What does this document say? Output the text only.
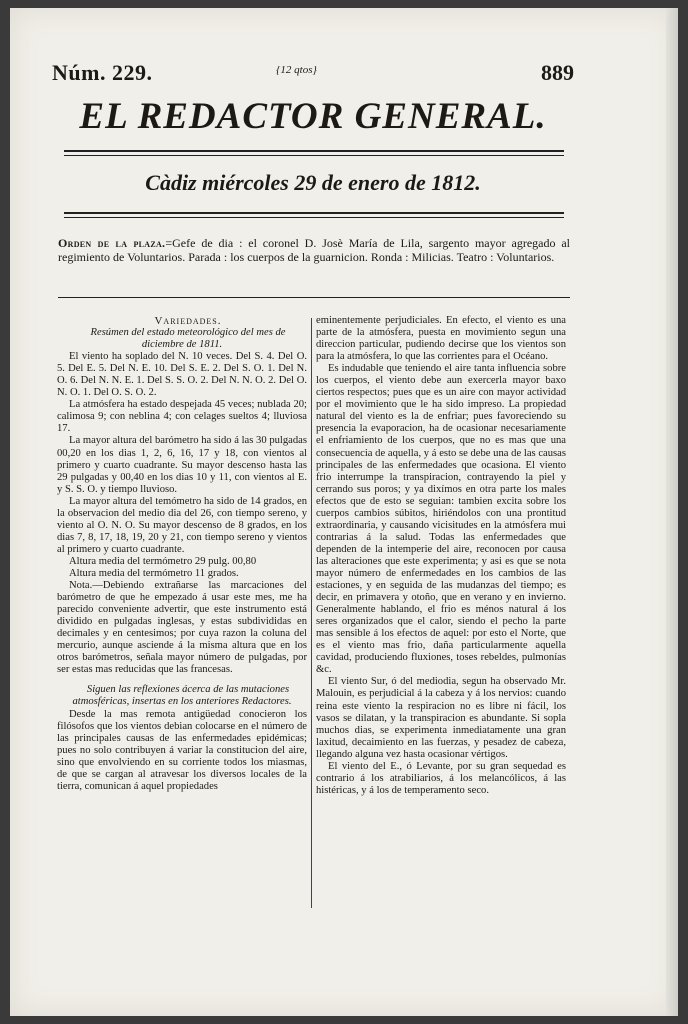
Núm. 229.	{12 qtos}	889
EL REDACTOR GENERAL.
Càdiz miércoles 29 de enero de 1812.
Orden de la plaza.=Gefe de dia : el coronel D. Josè María de Lila, sargento mayor agregado al regimiento de Voluntarios. Parada : los cuerpos de la guarnicion. Ronda : Milicias. Teatro : Voluntarios.

Variedades.

Resúmen del estado meteorológico del mes de diciembre de 1811.

El viento ha soplado del N. 10 veces. Del S. 4. Del O. 5. Del E. 5. Del N. E. 10. Del S. E. 2. Del S. O. 1. Del N. O. 6. Del N. N. E. 1. Del S. S. O. 2. Del N. N. O. 2. Del O. N. O. 1. Del O. S. O. 2.

La atmósfera ha estado despejada 45 veces; nublada 20; calimosa 9; con neblina 4; con celages sueltos 4; lluviosa 17.

La mayor altura del barómetro ha sido á las 30 pulgadas 00,20 en los dias 1, 2, 6, 16, 17 y 18, con vientos al primero y cuarto cuadrante. Su mayor descenso hasta las 29 pulgadas y 00,40 en los dias 10 y 11, con vientos al E. y S. S. O. y tiempo lluvioso.

La mayor altura del temómetro ha sido de 14 grados, en la observacion del medio dia del 26, con tiempo sereno, y viento al O. N. O. Su mayor descenso de 8 grados, en los dias 7, 8, 17, 18, 19, 20 y 21, con tiempo sereno y vientos al primero y cuarto cuadrante.

Altura media del termómetro 29 pulg. 00,80

Altura media del termómetro 11 grados.

Nota.—Debiendo extrañarse las marcaciones del barómetro de que he empezado á usar este mes, me ha parecido conveniente advertir, que este instrumento está dividido en pulgadas inglesas, y estas subdivididas en decimales y en centesimos; por cuya razon la coluna del mercurio, aunque asciende á la misma altura que en los otros barómetros, señala mayor número de pulgadas, por ser estas mas reducidas que las francesas.

Siguen las reflexiones ácerca de las mutaciones atmosféricas, insertas en los anteriores Redactores.

Desde la mas remota antigüedad conocieron los filósofos que los vientos debian colocarse en el número de las principales causas de las enfermedades epidémicas; pues no solo contribuyen á variar la constitucion del aire, sino que envolviendo en su corriente todos los miasmas, de que se cargan al atravesar los diversos locales de la tierra, comunican á aquel propiedades

eminentemente perjudiciales. En efecto, el viento es una parte de la atmósfera, puesta en movimiento segun una direccion particular, pudiendo decirse que los vientos son para la atmósfera, lo que las corrientes para el Océano.

Es indudable que teniendo el aire tanta influencia sobre los cuerpos, el viento debe aun exercerla mayor baxo ciertos respectos; pues que es un aire con mayor actividad por el movimiento que le ha sido impreso. La propiedad natural del viento es la de enfriar; pues favoreciendo su presencia la evaporacion, ha de ocasionar necesariamente el enfriamiento de los cuerpos, que no es mas que una consecuencia de aquella, y á esto se debe una de las causas principales de las enfermedades que ocasiona. El viento frio interrumpe la transpiracion, contrayendo la piel y cerrando sus poros; y ya dixímos en otra parte los males efectos que de esto se seguian: tambien excita sobre los cuerpos cambios súbitos, hiriéndolos con una prontitud extraordinaria, y causando vicisitudes en la atmósfera mui contrarias á la salud. Todas las enfermedades que dependen de la intemperie del aire, reconocen por causa las alteraciones que este experimenta; y asi es que se nota mayor número de enfermedades en los cambios de las estaciones, y en seguida de las mudanzas del tiempo; es decir, en primavera y otoño, que en verano y en invierno. Generalmente hablando, el frio es ménos natural á los seres organizados que el calor, siendo el pecho la parte mas sensible á los efectos de aquel: por esto el Norte, que es el viento mas frio, daña particularmente aquella cavidad, produciendo fluxiones, toses rebeldes, pulmonías &c.

El viento Sur, ó del mediodia, segun ha observado Mr. Malouin, es perjudicial á la cabeza y á los nervios: cuando reina este viento la respiracion no es libre ni fácil, los vasos se dilatan, y la transpiracion es abundante. Si sopla muchos dias, se experimenta inmediatamente una gran laxitud, decaimiento en las fuerzas, y pesadez de cabeza, llegando alguna vez hasta ocasionar vértigos.

El viento del E., ó Levante, por su gran sequedad es contrario á los atrabiliarios, á los melancólicos, á las histéricas, y á los de temperamento seco.
